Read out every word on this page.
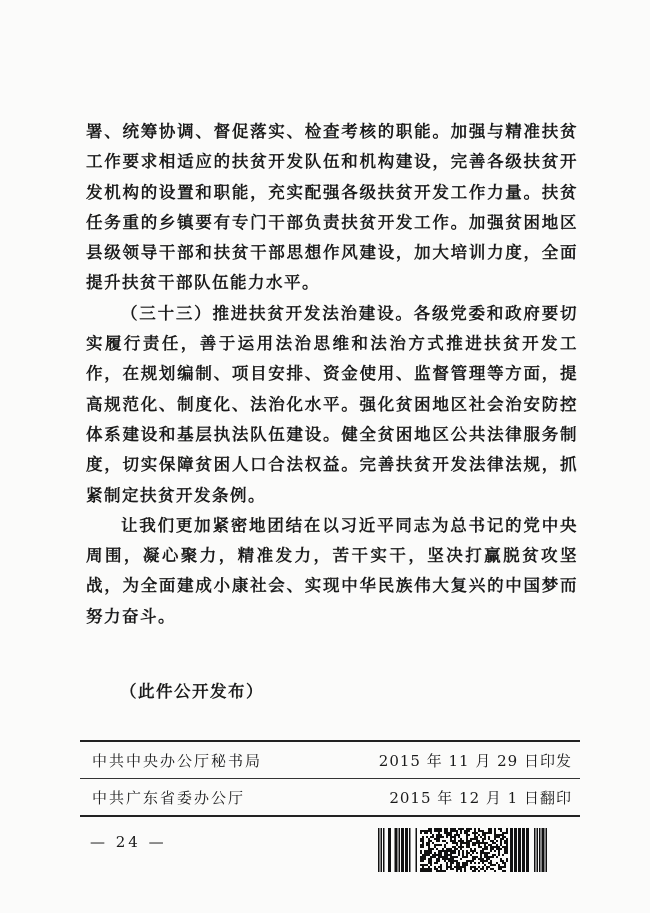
署、统筹协调、督促落实、检查考核的职能。加强与精准扶贫工作要求相适应的扶贫开发队伍和机构建设，完善各级扶贫开发机构的设置和职能，充实配强各级扶贫开发工作力量。扶贫任务重的乡镇要有专门干部负责扶贫开发工作。加强贫困地区县级领导干部和扶贫干部思想作风建设，加大培训力度，全面提升扶贫干部队伍能力水平。

（三十三）推进扶贫开发法治建设。各级党委和政府要切实履行责任，善于运用法治思维和法治方式推进扶贫开发工作，在规划编制、项目安排、资金使用、监督管理等方面，提高规范化、制度化、法治化水平。强化贫困地区社会治安防控体系建设和基层执法队伍建设。健全贫困地区公共法律服务制度，切实保障贫困人口合法权益。完善扶贫开发法律法规，抓紧制定扶贫开发条例。

让我们更加紧密地团结在以习近平同志为总书记的党中央周围，凝心聚力，精准发力，苦干实干，坚决打赢脱贫攻坚战，为全面建成小康社会、实现中华民族伟大复兴的中国梦而努力奋斗。

（此件公开发布）
中共中央办公厅秘书局	2015 年 11 月 29 日印发
中共广东省委办公厅	2015 年 12 月 1 日翻印
— 24 —
